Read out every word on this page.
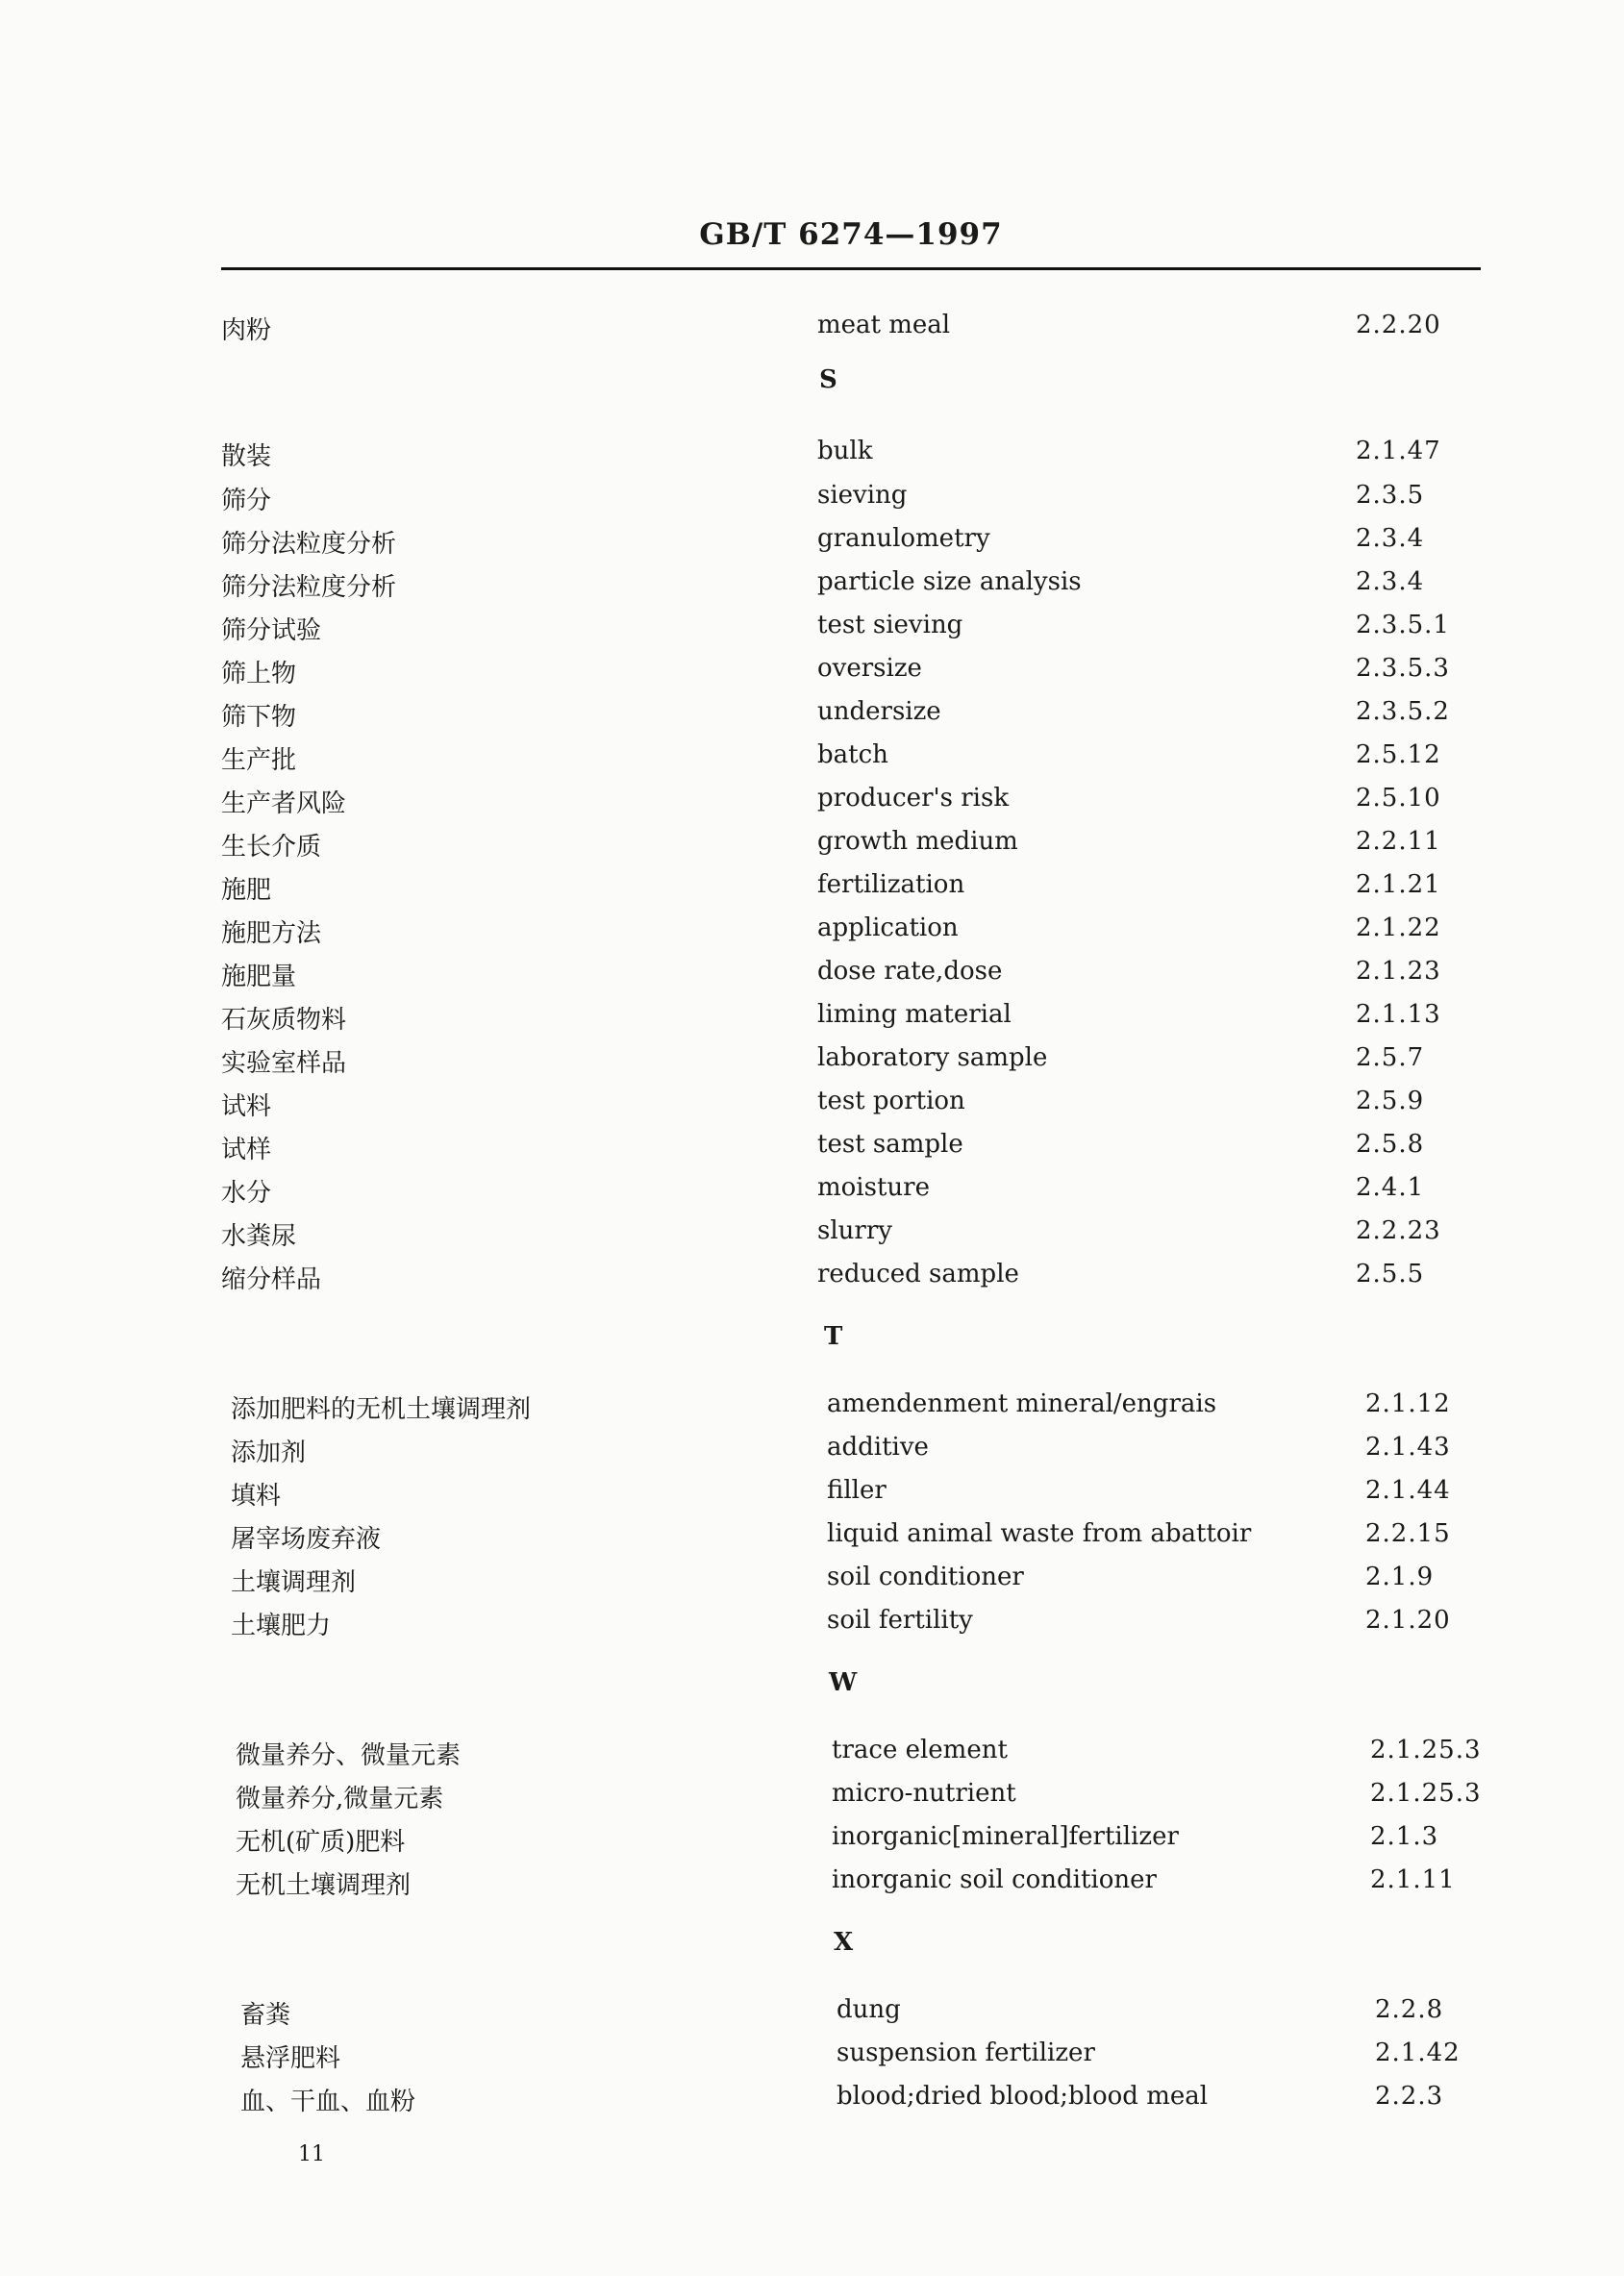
GB/T 6274—1997
肉粉	meat meal	2.2.20
散装	bulk	2.1.47
筛分	sieving	2.3.5
筛分法粒度分析	granulometry	2.3.4
筛分法粒度分析	particle size analysis	2.3.4
筛分试验	test sieving	2.3.5.1
筛上物	oversize	2.3.5.3
筛下物	undersize	2.3.5.2
生产批	batch	2.5.12
生产者风险	producer's risk	2.5.10
生长介质	growth medium	2.2.11
施肥	fertilization	2.1.21
施肥方法	application	2.1.22
施肥量	dose rate,dose	2.1.23
石灰质物料	liming material	2.1.13
实验室样品	laboratory sample	2.5.7
试料	test portion	2.5.9
试样	test sample	2.5.8
水分	moisture	2.4.1
水粪尿	slurry	2.2.23
缩分样品	reduced sample	2.5.5
添加肥料的无机土壤调理剂	amendenment mineral/engrais	2.1.12
添加剂	additive	2.1.43
填料	filler	2.1.44
屠宰场废弃液	liquid animal waste from abattoir	2.2.15
土壤调理剂	soil conditioner	2.1.9
土壤肥力	soil fertility	2.1.20
微量养分、微量元素	trace element	2.1.25.3
微量养分,微量元素	micro-nutrient	2.1.25.3
无机(矿质)肥料	inorganic[mineral]fertilizer	2.1.3
无机土壤调理剂	inorganic soil conditioner	2.1.11
畜粪	dung	2.2.8
悬浮肥料	suspension fertilizer	2.1.42
血、干血、血粉	blood;dried blood;blood meal	2.2.3
S
T
W
X
11
